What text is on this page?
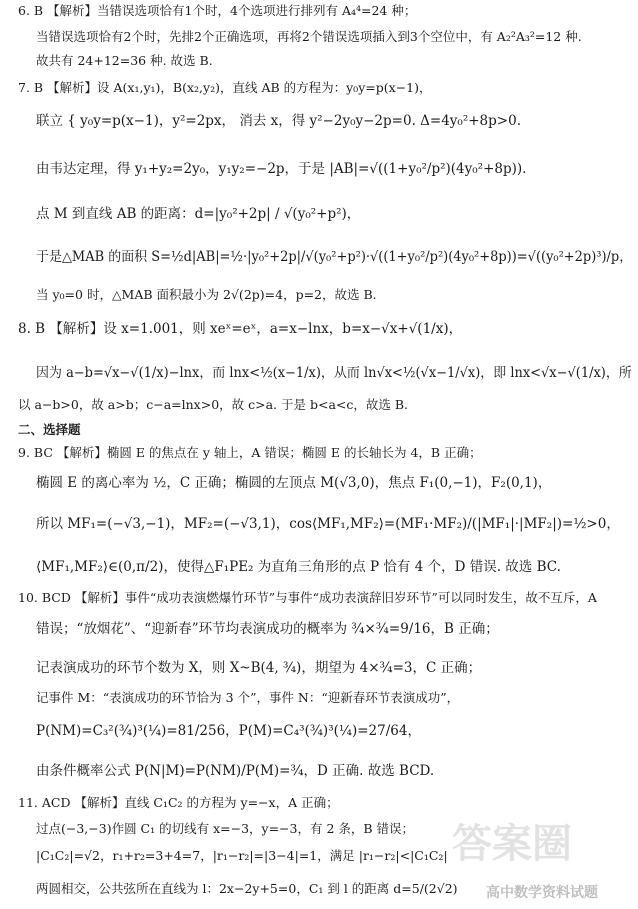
6. B 【解析】当错误选项恰有1个时，4个选项进行排列有 A₄⁴=24 种；
当错误选项恰有2个时，先排2个正确选项，再将2个错误选项插入到3个空位中，有 A₂²A₃²=12 种.
故共有 24+12=36 种. 故选 B.
7. B 【解析】设 A(x₁,y₁)，B(x₂,y₂)，直线 AB 的方程为：y₀y=p(x−1)，
联立 { y₀y=p(x−1)，y²=2px， 消去 x，得 y²−2y₀y−2p=0. Δ=4y₀²+8p>0.
由韦达定理，得 y₁+y₂=2y₀，y₁y₂=−2p，于是 |AB|=√((1+y₀²/p²)(4y₀²+8p)).
点 M 到直线 AB 的距离：d=|y₀²+2p| / √(y₀²+p²)，
于是△MAB 的面积 S=½d|AB|=½·|y₀²+2p|/√(y₀²+p²)·√((1+y₀²/p²)(4y₀²+8p))=√((y₀²+2p)³)/p，
当 y₀=0 时，△MAB 面积最小为 2√(2p)=4，p=2，故选 B.
8. B 【解析】设 x=1.001，则 xeˣ=eˣ，a=x−lnx，b=x−√x+√(1/x)，
因为 a−b=√x−√(1/x)−lnx，而 lnx<½(x−1/x)，从而 ln√x<½(√x−1/√x)，即 lnx<√x−√(1/x)，所
以 a−b>0，故 a>b；c−a=lnx>0，故 c>a. 于是 b<a<c，故选 B.
二、选择题
9. BC 【解析】椭圆 E 的焦点在 y 轴上，A 错误；椭圆 E 的长轴长为 4，B 正确；
椭圆 E 的离心率为 ½，C 正确；椭圆的左顶点 M(√3,0)，焦点 F₁(0,−1)，F₂(0,1)，
所以 MF₁=(−√3,−1)，MF₂=(−√3,1)，cos⟨MF₁,MF₂⟩=(MF₁·MF₂)/(|MF₁|·|MF₂|)=½>0，
⟨MF₁,MF₂⟩∈(0,π/2)，使得△F₁PE₂ 为直角三角形的点 P 恰有 4 个，D 错误. 故选 BC.
10. BCD 【解析】事件“成功表演燃爆竹环节”与事件“成功表演辞旧岁环节”可以同时发生，故不互斥，A
错误；“放烟花”、“迎新春”环节均表演成功的概率为 ¾×¾=9/16，B 正确；
记表演成功的环节个数为 X，则 X~B(4, ¾)，期望为 4×¾=3，C 正确；
记事件 M：“表演成功的环节恰为 3 个”，事件 N：“迎新春环节表演成功”，
P(NM)=C₃²(¾)³(¼)=81/256，P(M)=C₄³(¾)³(¼)=27/64，
由条件概率公式 P(N|M)=P(NM)/P(M)=¾，D 正确. 故选 BCD.
11. ACD 【解析】直线 C₁C₂ 的方程为 y=−x，A 正确；
过点(−3,−3)作圆 C₁ 的切线有 x=−3，y=−3，有 2 条，B 错误；
|C₁C₂|=√2，r₁+r₂=3+4=7，|r₁−r₂|=|3−4|=1，满足 |r₁−r₂|<|C₁C₂|
两圆相交，公共弦所在直线为 l：2x−2y+5=0，C₁ 到 l 的距离 d=5/(2√2)
答案圈
高中数学资料试题
